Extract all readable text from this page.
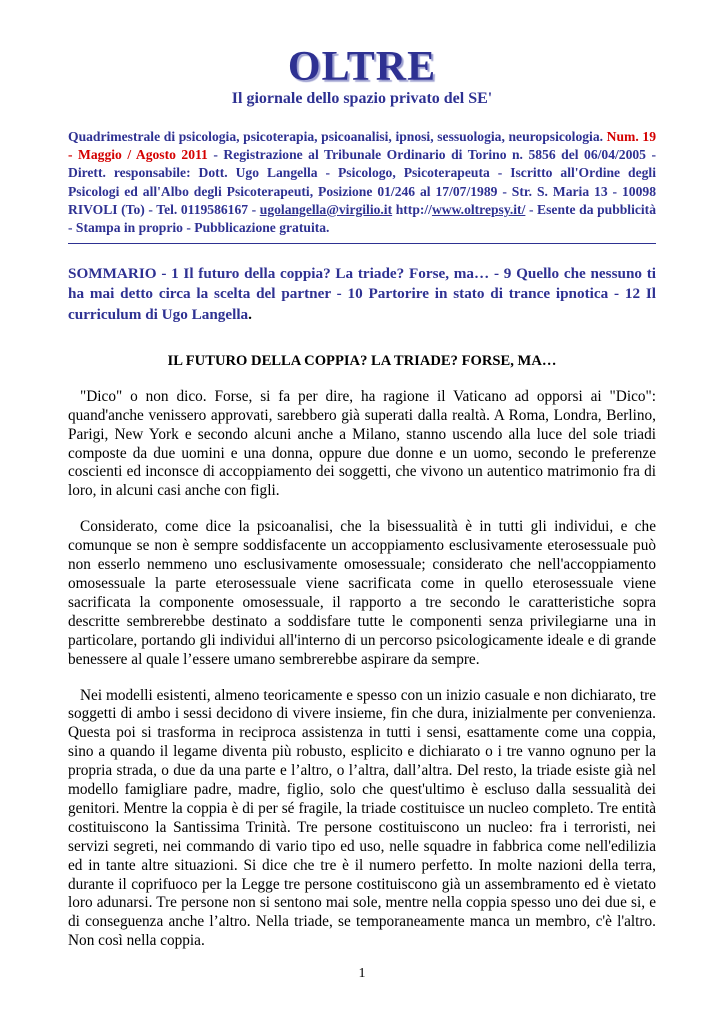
OLTRE
Il giornale dello spazio privato del SE'
Quadrimestrale di psicologia, psicoterapia, psicoanalisi, ipnosi, sessuologia, neuropsicologia. Num. 19 - Maggio / Agosto 2011 - Registrazione al Tribunale Ordinario di Torino n. 5856 del 06/04/2005 - Dirett. responsabile: Dott. Ugo Langella - Psicologo, Psicoterapeuta - Iscritto all'Ordine degli Psicologi ed all'Albo degli Psicoterapeuti, Posizione 01/246 al 17/07/1989 - Str. S. Maria 13 - 10098 RIVOLI (To) - Tel. 0119586167 - ugolangella@virgilio.it http://www.oltrepsy.it/ - Esente da pubblicità - Stampa in proprio - Pubblicazione gratuita.
SOMMARIO - 1 Il futuro della coppia? La triade? Forse, ma… - 9 Quello che nessuno ti ha mai detto circa la scelta del partner - 10 Partorire in stato di trance ipnotica - 12 Il curriculum di Ugo Langella.
IL FUTURO DELLA COPPIA? LA TRIADE? FORSE, MA…
"Dico" o non dico. Forse, si fa per dire, ha ragione il Vaticano ad opporsi ai "Dico": quand'anche venissero approvati, sarebbero già superati dalla realtà. A Roma, Londra, Berlino, Parigi, New York e secondo alcuni anche a Milano, stanno uscendo alla luce del sole triadi composte da due uomini e una donna, oppure due donne e un uomo, secondo le preferenze coscienti ed inconsce di accoppiamento dei soggetti, che vivono un autentico matrimonio fra di loro, in alcuni casi anche con figli.
Considerato, come dice la psicoanalisi, che la bisessualità è in tutti gli individui, e che comunque se non è sempre soddisfacente un accoppiamento esclusivamente eterosessuale può non esserlo nemmeno uno esclusivamente omosessuale; considerato che nell'accoppiamento omosessuale la parte eterosessuale viene sacrificata come in quello eterosessuale viene sacrificata la componente omosessuale, il rapporto a tre secondo le caratteristiche sopra descritte sembrerebbe destinato a soddisfare tutte le componenti senza privilegiarne una in particolare, portando gli individui all'interno di un percorso psicologicamente ideale e di grande benessere al quale l’essere umano sembrerebbe aspirare da sempre.
Nei modelli esistenti, almeno teoricamente e spesso con un inizio casuale e non dichiarato, tre soggetti di ambo i sessi decidono di vivere insieme, fin che dura, inizialmente per convenienza. Questa poi si trasforma in reciproca assistenza in tutti i sensi, esattamente come una coppia, sino a quando il legame diventa più robusto, esplicito e dichiarato o i tre vanno ognuno per la propria strada, o due da una parte e l’altro, o l’altra, dall’altra. Del resto, la triade esiste già nel modello famigliare padre, madre, figlio, solo che quest'ultimo è escluso dalla sessualità dei genitori. Mentre la coppia è di per sé fragile, la triade costituisce un nucleo completo. Tre entità costituiscono la Santissima Trinità. Tre persone costituiscono un nucleo: fra i terroristi, nei servizi segreti, nei commando di vario tipo ed uso, nelle squadre in fabbrica come nell'edilizia ed in tante altre situazioni. Si dice che tre è il numero perfetto. In molte nazioni della terra, durante il coprifuoco per la Legge tre persone costituiscono già un assembramento ed è vietato loro adunarsi. Tre persone non si sentono mai sole, mentre nella coppia spesso uno dei due si, e di conseguenza anche l’altro. Nella triade, se temporaneamente manca un membro, c'è l'altro. Non così nella coppia.
1
